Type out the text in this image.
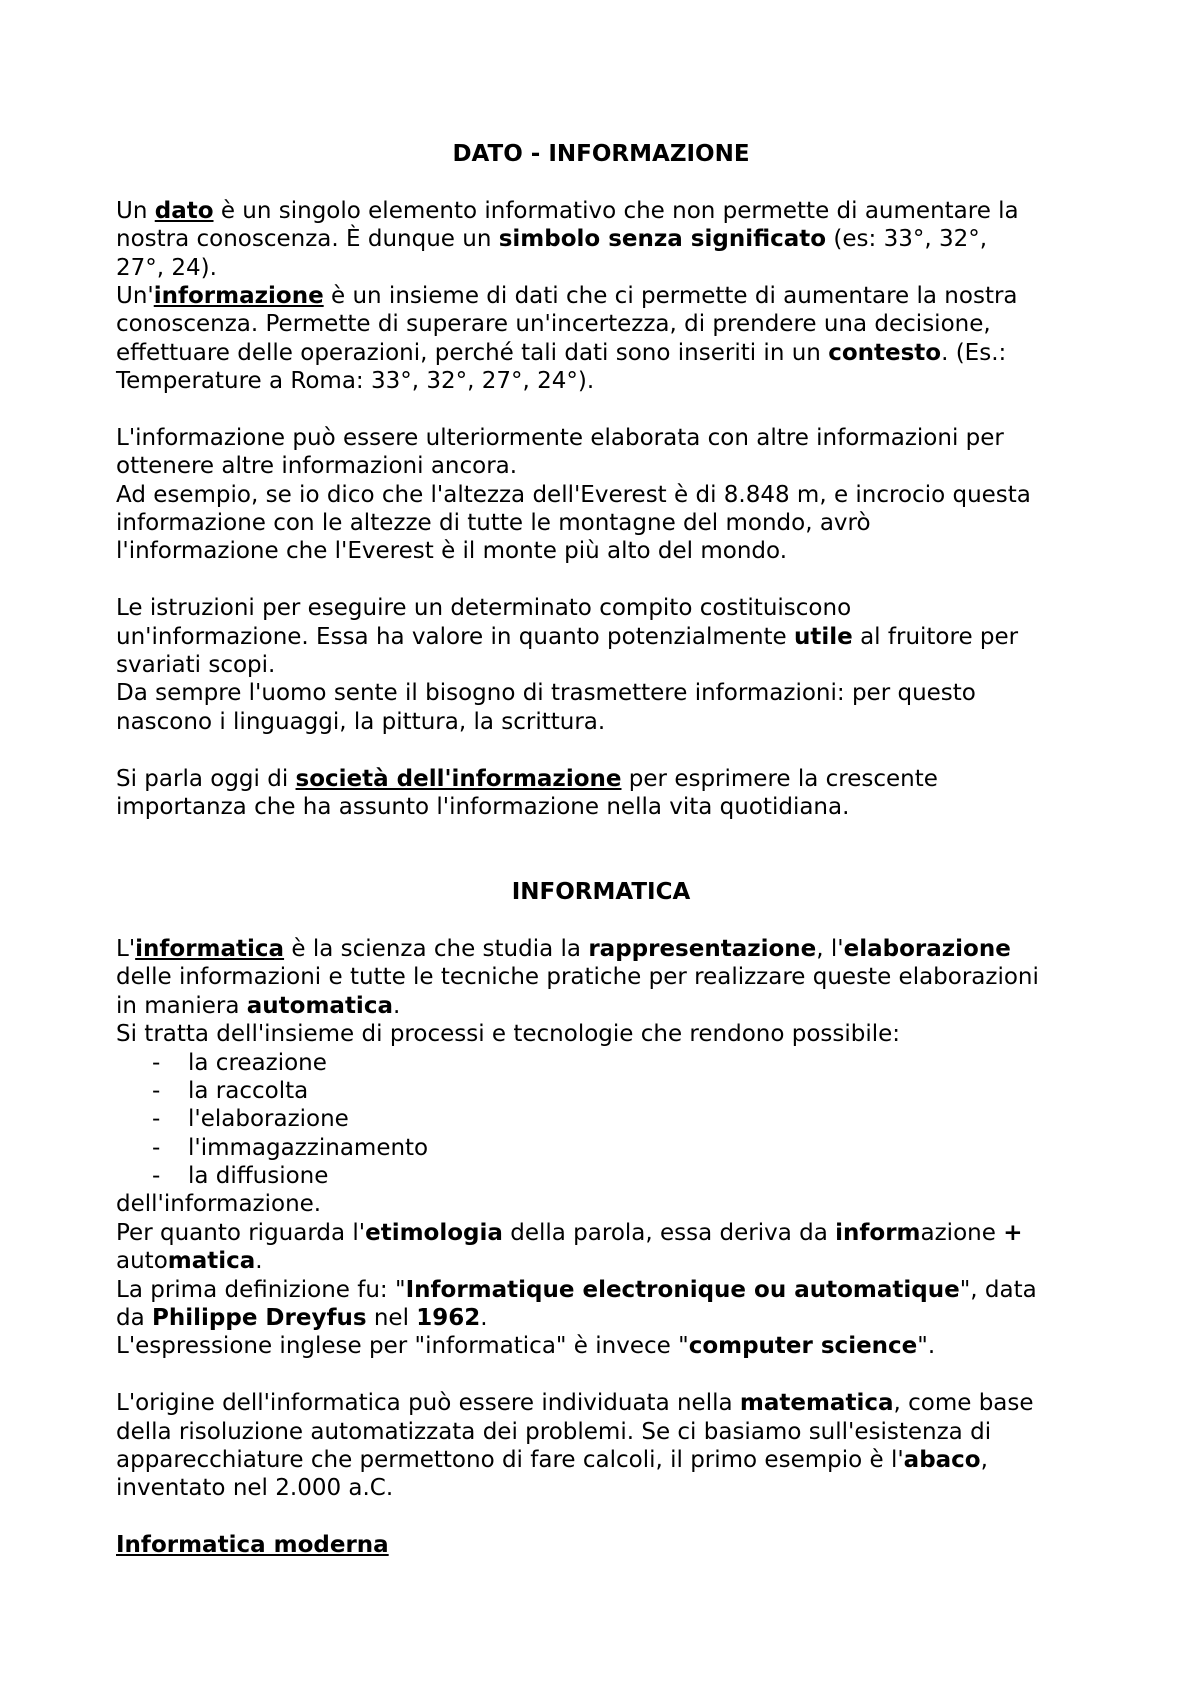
DATO - INFORMAZIONE
Un dato è un singolo elemento informativo che non permette di aumentare la
nostra conoscenza. È dunque un simbolo senza significato (es: 33°, 32°,
27°, 24).
Un'informazione è un insieme di dati che ci permette di aumentare la nostra
conoscenza. Permette di superare un'incertezza, di prendere una decisione,
effettuare delle operazioni, perché tali dati sono inseriti in un contesto. (Es.:
Temperature a Roma: 33°, 32°, 27°, 24°).
L'informazione può essere ulteriormente elaborata con altre informazioni per
ottenere altre informazioni ancora.
Ad esempio, se io dico che l'altezza dell'Everest è di 8.848 m, e incrocio questa
informazione con le altezze di tutte le montagne del mondo, avrò
l'informazione che l'Everest è il monte più alto del mondo.
Le istruzioni per eseguire un determinato compito costituiscono
un'informazione. Essa ha valore in quanto potenzialmente utile al fruitore per
svariati scopi.
Da sempre l'uomo sente il bisogno di trasmettere informazioni: per questo
nascono i linguaggi, la pittura, la scrittura.
Si parla oggi di società dell'informazione per esprimere la crescente
importanza che ha assunto l'informazione nella vita quotidiana.
INFORMATICA
L'informatica è la scienza che studia la rappresentazione, l'elaborazione
delle informazioni e tutte le tecniche pratiche per realizzare queste elaborazioni
in maniera automatica.
Si tratta dell'insieme di processi e tecnologie che rendono possibile:
- la creazione
- la raccolta
- l'elaborazione
- l'immagazzinamento
- la diffusione
dell'informazione.
Per quanto riguarda l'etimologia della parola, essa deriva da informazione +
automatica.
La prima definizione fu: "Informatique electronique ou automatique", data
da Philippe Dreyfus nel 1962.
L'espressione inglese per "informatica" è invece "computer science".
L'origine dell'informatica può essere individuata nella matematica, come base
della risoluzione automatizzata dei problemi. Se ci basiamo sull'esistenza di
apparecchiature che permettono di fare calcoli, il primo esempio è l'abaco,
inventato nel 2.000 a.C.
Informatica moderna
